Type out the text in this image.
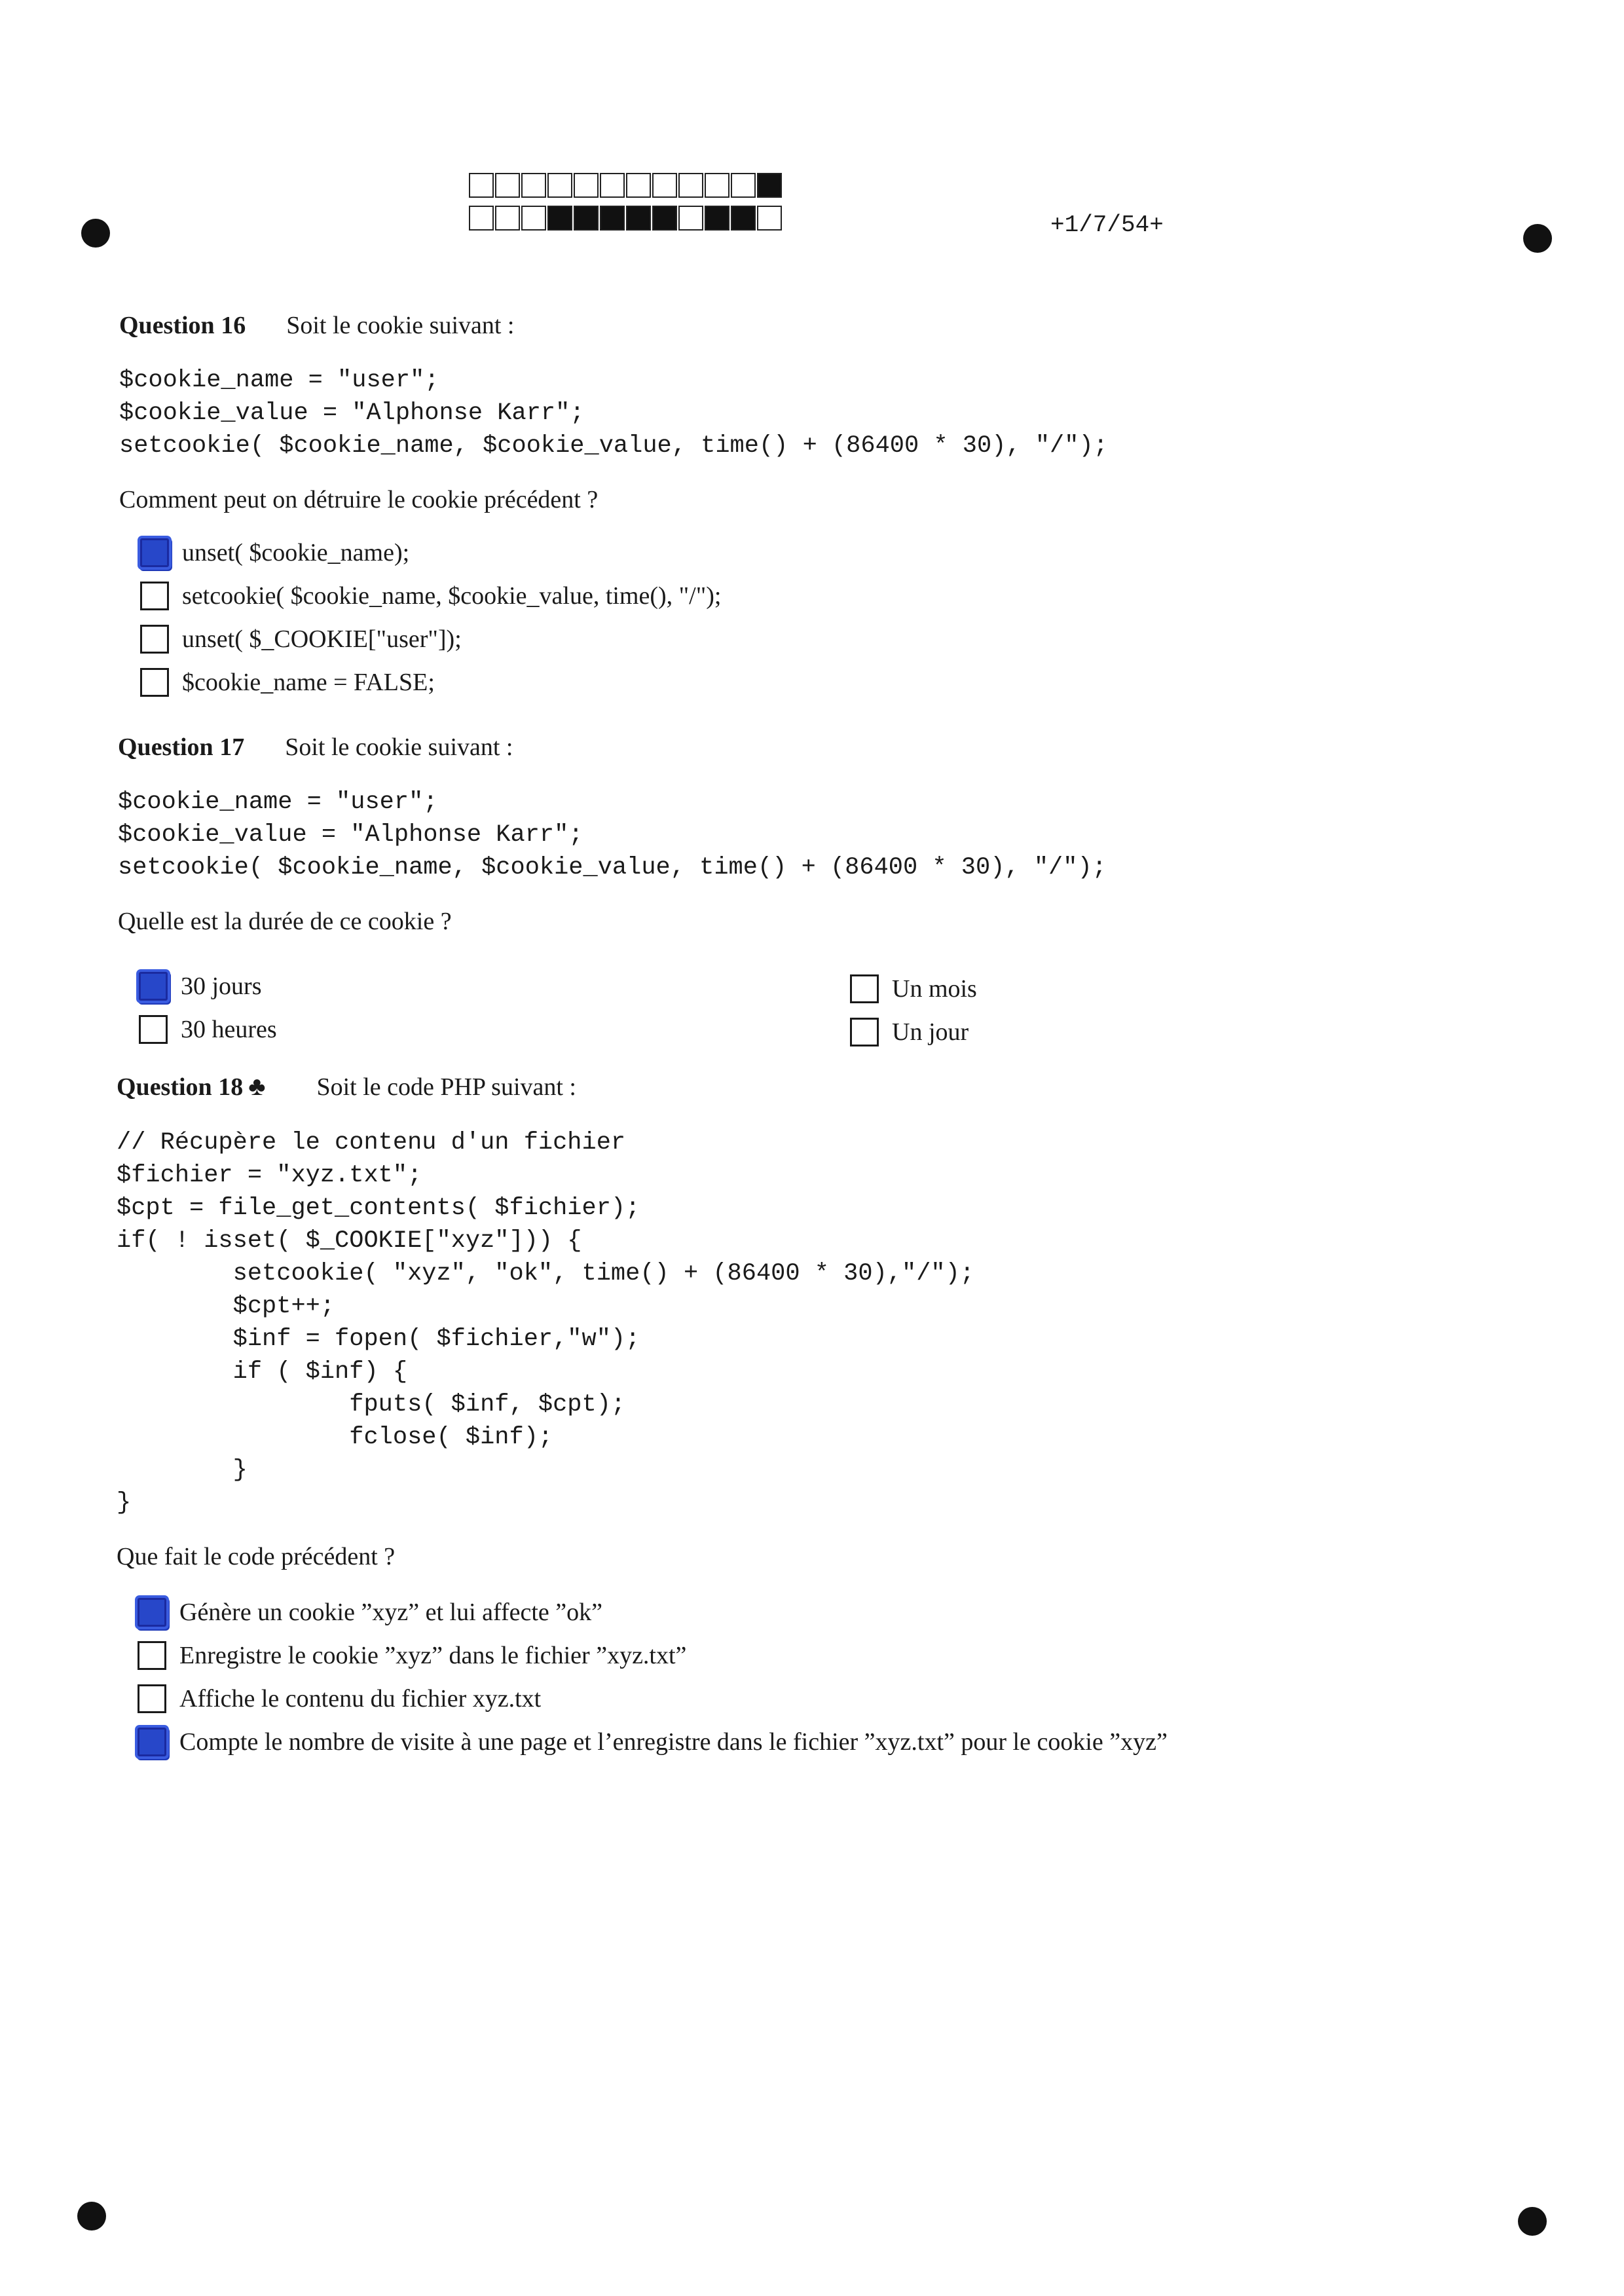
+1/7/54+
Question 16 Soit le cookie suivant :
$cookie_name = "user";
$cookie_value = "Alphonse Karr";
setcookie( $cookie_name, $cookie_value, time() + (86400 * 30), "/");
Comment peut on détruire le cookie précédent ?
unset( $cookie_name);
setcookie( $cookie_name, $cookie_value, time(), "/");
unset( $_COOKIE["user"]);
$cookie_name = FALSE;
Question 17 Soit le cookie suivant :
$cookie_name = "user";
$cookie_value = "Alphonse Karr";
setcookie( $cookie_name, $cookie_value, time() + (86400 * 30), "/");
Quelle est la durée de ce cookie ?
30 jours
30 heures
Un mois
Un jour
Question 18 ♣ Soit le code PHP suivant :
// Récupère le contenu d'un fichier
$fichier = "xyz.txt";
$cpt = file_get_contents( $fichier);
if( ! isset( $_COOKIE["xyz"])) {
setcookie( "xyz", "ok", time() + (86400 * 30),"/");
$cpt++;
$inf = fopen( $fichier,"w");
if ( $inf) {
fputs( $inf, $cpt);
fclose( $inf);
}
}
Que fait le code précédent ?
Génère un cookie ”xyz” et lui affecte ”ok”
Enregistre le cookie ”xyz” dans le fichier ”xyz.txt”
Affiche le contenu du fichier xyz.txt
Compte le nombre de visite à une page et l’enregistre dans le fichier ”xyz.txt” pour le cookie ”xyz”
